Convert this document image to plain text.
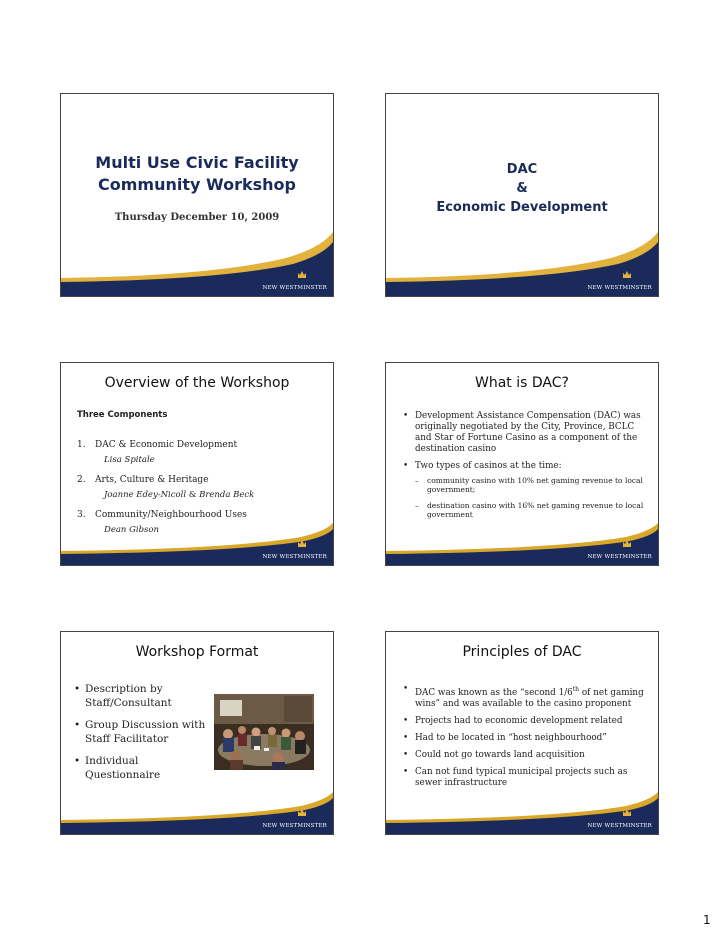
Multi Use Civic Facility
Community Workshop
Thursday December 10, 2009
NEW WESTMINSTER
DAC
&
Economic Development
NEW WESTMINSTER
Overview of the Workshop
Three Components
1. DAC & Economic Development
Lisa Spitale
2. Arts, Culture & Heritage
Joanne Edey-Nicoll & Brenda Beck
3. Community/Neighbourhood Uses
Dean Gibson
NEW WESTMINSTER
What is DAC?
• Development Assistance Compensation (DAC) was originally negotiated by the City, Province, BCLC and Star of Fortune Casino as a component of the destination casino
• Two types of casinos at the time:
– community casino with 10% net gaming revenue to local government;
– destination casino with 16% net gaming revenue to local government
NEW WESTMINSTER
Workshop Format
• Description by Staff/Consultant
• Group Discussion with Staff Facilitator
• Individual Questionnaire
NEW WESTMINSTER
Principles of DAC
• DAC was known as the “second 1/6th of net gaming wins” and was available to the casino proponent
• Projects had to economic development related
• Had to be located in “host neighbourhood”
• Could not go towards land acquisition
• Can not fund typical municipal projects such as sewer infrastructure
NEW WESTMINSTER
1
